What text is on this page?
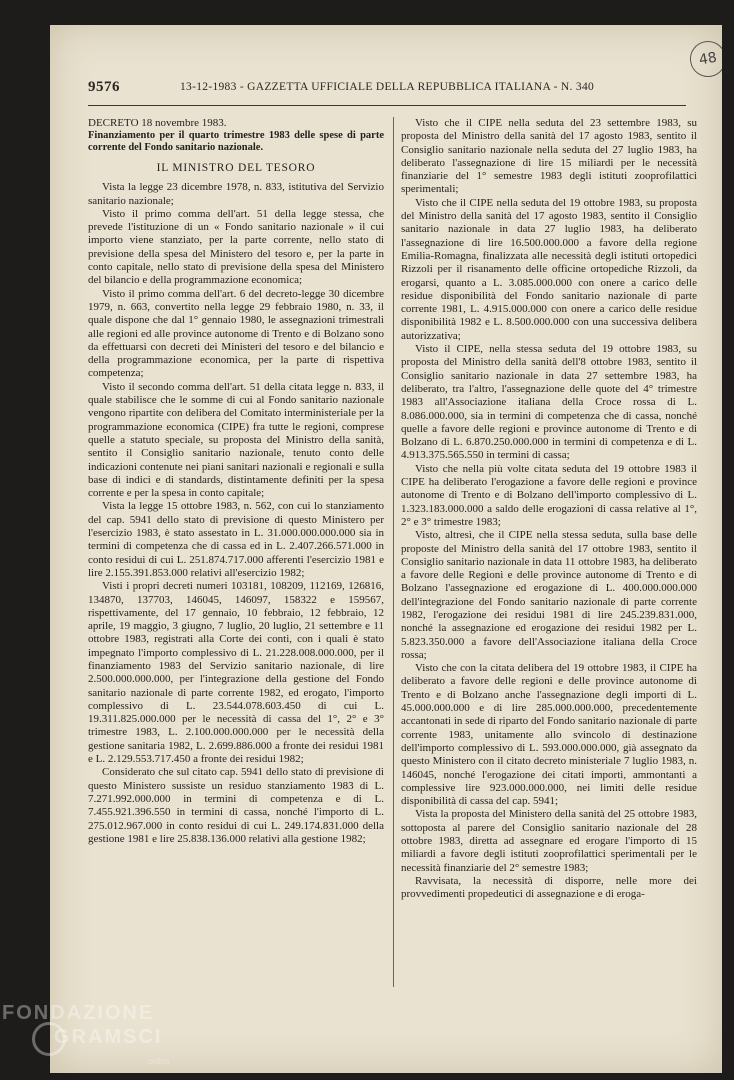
48
9576	13-12-1983 - GAZZETTA UFFICIALE DELLA REPUBBLICA ITALIANA - N. 340
DECRETO 18 novembre 1983.
Finanziamento per il quarto trimestre 1983 delle spese di parte corrente del Fondo sanitario nazionale.
IL MINISTRO DEL TESORO

Vista la legge 23 dicembre 1978, n. 833, istitutiva del Servizio sanitario nazionale;

Visto il primo comma dell'art. 51 della legge stessa, che prevede l'istituzione di un « Fondo sanitario nazionale » il cui importo viene stanziato, per la parte corrente, nello stato di previsione della spesa del Ministero del tesoro e, per la parte in conto capitale, nello stato di previsione della spesa del Ministero del bilancio e della programmazione economica;

Visto il primo comma dell'art. 6 del decreto-legge 30 dicembre 1979, n. 663, convertito nella legge 29 febbraio 1980, n. 33, il quale dispone che dal 1° gennaio 1980, le assegnazioni trimestrali alle regioni ed alle province autonome di Trento e di Bolzano sono da effettuarsi con decreti dei Ministeri del tesoro e del bilancio e della programmazione economica, per la parte di rispettiva competenza;

Visto il secondo comma dell'art. 51 della citata legge n. 833, il quale stabilisce che le somme di cui al Fondo sanitario nazionale vengono ripartite con delibera del Comitato interministeriale per la programmazione economica (CIPE) fra tutte le regioni, comprese quelle a statuto speciale, su proposta del Ministro della sanità, sentito il Consiglio sanitario nazionale, tenuto conto delle indicazioni contenute nei piani sanitari nazionali e regionali e sulla base di indici e di standards, distintamente definiti per la spesa corrente e per la spesa in conto capitale;

Vista la legge 15 ottobre 1983, n. 562, con cui lo stanziamento del cap. 5941 dello stato di previsione di questo Ministero per l'esercizio 1983, è stato assestato in L. 31.000.000.000.000 sia in termini di competenza che di cassa ed in L. 2.407.266.571.000 in conto residui di cui L. 251.874.717.000 afferenti l'esercizio 1981 e lire 2.155.391.853.000 relativi all'esercizio 1982;

Visti i propri decreti numeri 103181, 108209, 112169, 126816, 134870, 137703, 146045, 146097, 158322 e 159567, rispettivamente, del 17 gennaio, 10 febbraio, 12 febbraio, 12 aprile, 19 maggio, 3 giugno, 7 luglio, 20 luglio, 21 settembre e 11 ottobre 1983, registrati alla Corte dei conti, con i quali è stato impegnato l'importo complessivo di L. 21.228.008.000.000, per il finanziamento 1983 del Servizio sanitario nazionale, di lire 2.500.000.000.000, per l'integrazione della gestione del Fondo sanitario nazionale di parte corrente 1982, ed erogato, l'importo complessivo di L. 23.544.078.603.450 di cui L. 19.311.825.000.000 per le necessità di cassa del 1°, 2° e 3° trimestre 1983, L. 2.100.000.000.000 per le necessità della gestione sanitaria 1982, L. 2.699.886.000 a fronte dei residui 1981 e L. 2.129.553.717.450 a fronte dei residui 1982;

Considerato che sul citato cap. 5941 dello stato di previsione di questo Ministero sussiste un residuo stanziamento 1983 di L. 7.271.992.000.000 in termini di competenza e di L. 7.455.921.396.550 in termini di cassa, nonché l'importo di L. 275.012.967.000 in conto residui di cui L. 249.174.831.000 della gestione 1981 e lire 25.838.136.000 relativi alla gestione 1982;

Visto che il CIPE nella seduta del 23 settembre 1983, su proposta del Ministro della sanità del 17 agosto 1983, sentito il Consiglio sanitario nazionale nella seduta del 27 luglio 1983, ha deliberato l'assegnazione di lire 15 miliardi per le necessità finanziarie del 1° semestre 1983 degli istituti zooprofilattici sperimentali;

Visto che il CIPE nella seduta del 19 ottobre 1983, su proposta del Ministro della sanità del 17 agosto 1983, sentito il Consiglio sanitario nazionale in data 27 luglio 1983, ha deliberato l'assegnazione di lire 16.500.000.000 a favore della regione Emilia-Romagna, finalizzata alle necessità degli istituti ortopedici Rizzoli per il risanamento delle officine ortopediche Rizzoli, da erogarsi, quanto a L. 3.085.000.000 con onere a carico delle residue disponibilità del Fondo sanitario nazionale di parte corrente 1981, L. 4.915.000.000 con onere a carico delle residue disponibilità 1982 e L. 8.500.000.000 con una successiva delibera autorizzativa;

Visto il CIPE, nella stessa seduta del 19 ottobre 1983, su proposta del Ministro della sanità dell'8 ottobre 1983, sentito il Consiglio sanitario nazionale in data 27 settembre 1983, ha deliberato, tra l'altro, l'assegnazione delle quote del 4° trimestre 1983 all'Associazione italiana della Croce rossa di L. 8.086.000.000, sia in termini di competenza che di cassa, nonché quelle a favore delle regioni e province autonome di Trento e di Bolzano di L. 6.870.250.000.000 in termini di competenza e di L. 4.913.375.565.550 in termini di cassa;

Visto che nella più volte citata seduta del 19 ottobre 1983 il CIPE ha deliberato l'erogazione a favore delle regioni e province autonome di Trento e di Bolzano dell'importo complessivo di L. 1.323.183.000.000 a saldo delle erogazioni di cassa relative al 1°, 2° e 3° trimestre 1983;

Visto, altresì, che il CIPE nella stessa seduta, sulla base delle proposte del Ministro della sanità del 17 ottobre 1983, sentito il Consiglio sanitario nazionale in data 11 ottobre 1983, ha deliberato a favore delle Regioni e delle province autonome di Trento e di Bolzano l'assegnazione ed erogazione di L. 400.000.000.000 dell'integrazione del Fondo sanitario nazionale di parte corrente 1982, l'erogazione dei residui 1981 di lire 245.239.831.000, nonché la assegnazione ed erogazione dei residui 1982 per L. 5.823.350.000 a favore dell'Associazione italiana della Croce rossa;

Visto che con la citata delibera del 19 ottobre 1983, il CIPE ha deliberato a favore delle regioni e delle province autonome di Trento e di Bolzano anche l'assegnazione degli importi di L. 45.000.000.000 e di lire 285.000.000.000, precedentemente accantonati in sede di riparto del Fondo sanitario nazionale di parte corrente 1983, unitamente allo svincolo di destinazione dell'importo complessivo di L. 593.000.000.000, già assegnato da questo Ministero con il citato decreto ministeriale 7 luglio 1983, n. 146045, nonché l'erogazione dei citati importi, ammontanti a complessive lire 923.000.000.000, nei limiti delle residue disponibilità di cassa del cap. 5941;

Vista la proposta del Ministero della sanità del 25 ottobre 1983, sottoposta al parere del Consiglio sanitario nazionale del 28 ottobre 1983, diretta ad assegnare ed erogare l'importo di 15 miliardi a favore degli istituti zooprofilattici sperimentali per le necessità finanziarie del 2° semestre 1983;

Ravvisata, la necessità di disporre, nelle more dei provvedimenti propedeutici di assegnazione e di eroga-

FONDAZIONE
GRAMSCI
onlus
